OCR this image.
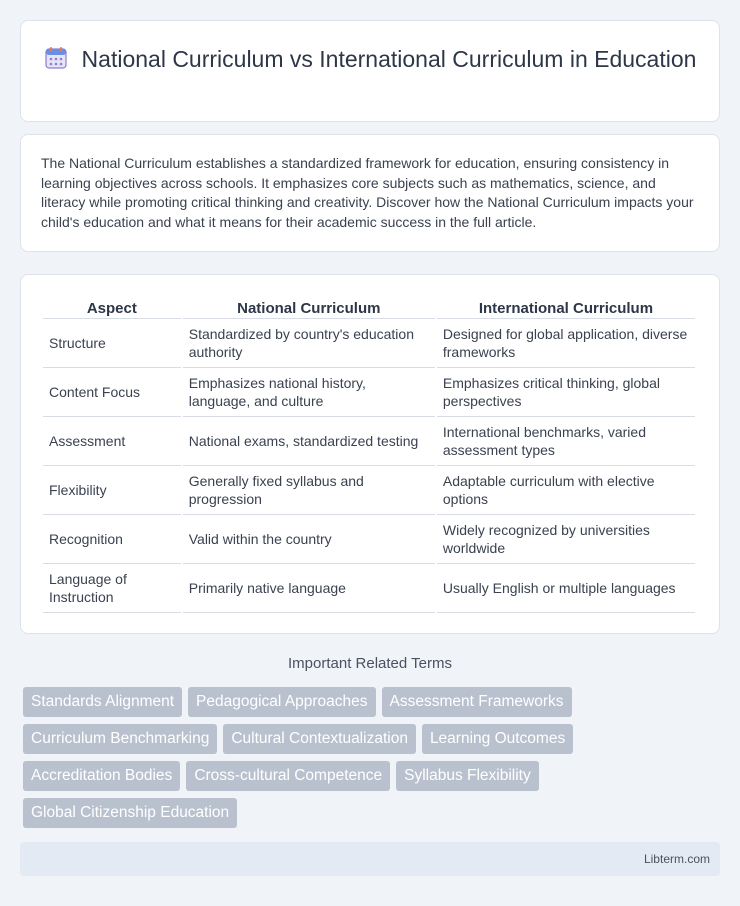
National Curriculum vs International Curriculum in Education

The National Curriculum establishes a standardized framework for education, ensuring consistency in learning objectives across schools. It emphasizes core subjects such as mathematics, science, and literacy while promoting critical thinking and creativity. Discover how the National Curriculum impacts your child's education and what it means for their academic success in the full article.

Aspect	National Curriculum	International Curriculum
Structure	Standardized by country's education authority	Designed for global application, diverse frameworks
Content Focus	Emphasizes national history, language, and culture	Emphasizes critical thinking, global perspectives
Assessment	National exams, standardized testing	International benchmarks, varied assessment types
Flexibility	Generally fixed syllabus and progression	Adaptable curriculum with elective options
Recognition	Valid within the country	Widely recognized by universities worldwide
Language of Instruction	Primarily native language	Usually English or multiple languages
Important Related Terms
Standards Alignment	Pedagogical Approaches	Assessment Frameworks
Curriculum Benchmarking	Cultural Contextualization	Learning Outcomes
Accreditation Bodies	Cross-cultural Competence	Syllabus Flexibility
Global Citizenship Education
Libterm.com
